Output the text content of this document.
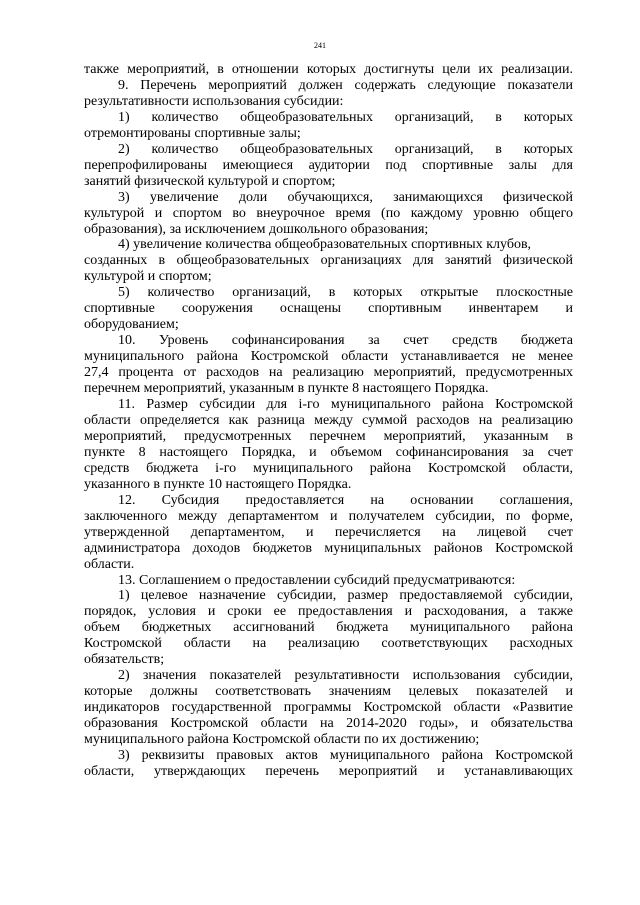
241
также мероприятий, в отношении которых достигнуты цели их реализации.
9. Перечень мероприятий должен содержать следующие показатели
результативности использования субсидии:
1) количество общеобразовательных организаций, в которых
отремонтированы спортивные залы;
2) количество общеобразовательных организаций, в которых
перепрофилированы имеющиеся аудитории под спортивные залы для
занятий физической культурой и спортом;
3) увеличение доли обучающихся, занимающихся физической
культурой и спортом во внеурочное время (по каждому уровню общего
образования), за исключением дошкольного образования;
4) увеличение количества общеобразовательных спортивных клубов,
созданных в общеобразовательных организациях для занятий физической
культурой и спортом;
5) количество организаций, в которых открытые плоскостные
спортивные сооружения оснащены спортивным инвентарем и
оборудованием;
10. Уровень софинансирования за счет средств бюджета
муниципального района Костромской области устанавливается не менее
27,4 процента от расходов на реализацию мероприятий, предусмотренных
перечнем мероприятий, указанным в пункте 8 настоящего Порядка.
11. Размер субсидии для i-го муниципального района Костромской
области определяется как разница между суммой расходов на реализацию
мероприятий, предусмотренных перечнем мероприятий, указанным в
пункте 8 настоящего Порядка, и объемом софинансирования за счет
средств бюджета i-го муниципального района Костромской области,
указанного в пункте 10 настоящего Порядка.
12. Субсидия предоставляется на основании соглашения,
заключенного между департаментом и получателем субсидии, по форме,
утвержденной департаментом, и перечисляется на лицевой счет
администратора доходов бюджетов муниципальных районов Костромской
области.
13. Соглашением о предоставлении субсидий предусматриваются:
1) целевое назначение субсидии, размер предоставляемой субсидии,
порядок, условия и сроки ее предоставления и расходования, а также
объем бюджетных ассигнований бюджета муниципального района
Костромской области на реализацию соответствующих расходных
обязательств;
2) значения показателей результативности использования субсидии,
которые должны соответствовать значениям целевых показателей и
индикаторов государственной программы Костромской области «Развитие
образования Костромской области на 2014-2020 годы», и обязательства
муниципального района Костромской области по их достижению;
3) реквизиты правовых актов муниципального района Костромской
области, утверждающих перечень мероприятий и устанавливающих
